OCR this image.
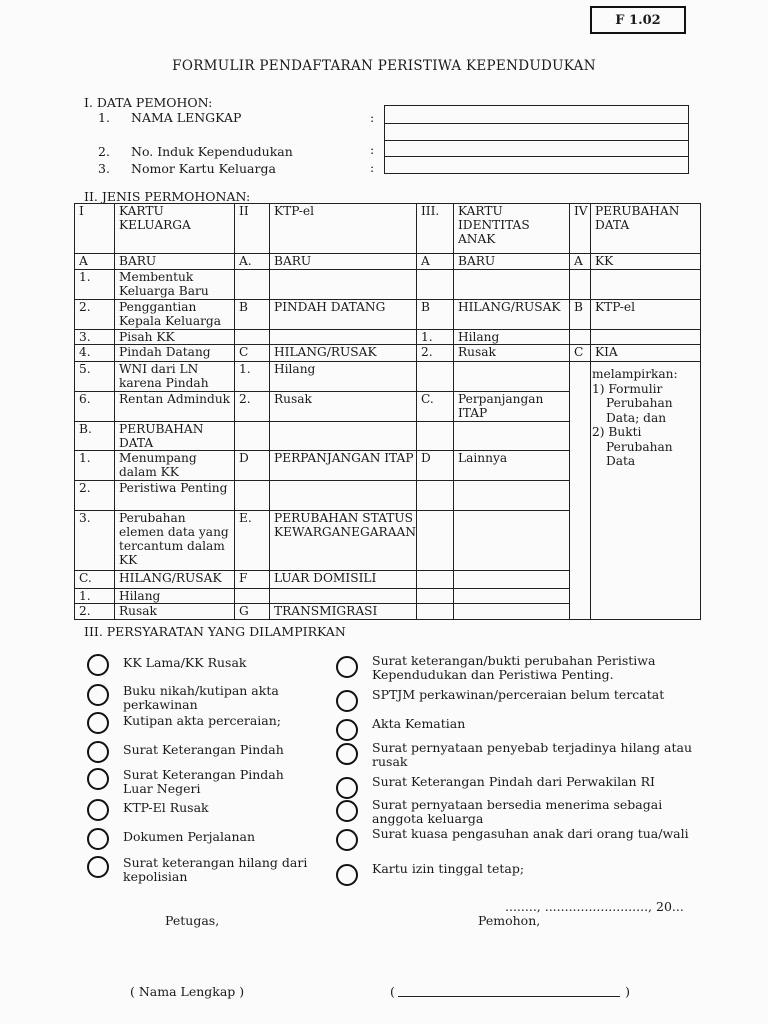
F 1.02
FORMULIR PENDAFTARAN PERISTIWA KEPENDUDUKAN
I. DATA PEMOHON:
1. NAMA LENGKAP	:
2. No. Induk Kependudukan	:
3. Nomor Kartu Keluarga	:
II. JENIS PERMOHONAN:
I	KARTU KELUARGA	II	KTP-el	III.	KARTU IDENTITAS ANAK	IV	PERUBAHAN DATA
A	BARU	A.	BARU	A	BARU	A	KK
1.	Membentuk Keluarga Baru						
2.	Penggantian Kepala Keluarga	B	PINDAH DATANG	B	HILANG/RUSAK	B	KTP-el
3.	Pisah KK			1.	Hilang		
4.	Pindah Datang	C	HILANG/RUSAK	2.	Rusak	C	KIA
5.	WNI dari LN karena Pindah	1.	Hilang				
6.	Rentan Adminduk	2.	Rusak	C.	Perpanjangan ITAP		
B.	PERUBAHAN DATA						
1.	Menumpang dalam KK	D	PERPANJANGAN ITAP	D	Lainnya		
2.	Peristiwa Penting						
3.	Perubahan elemen data yang tercantum dalam KK	E.	PERUBAHAN STATUS KEWARGANEGARAAN				
C.	HILANG/RUSAK	F	LUAR DOMISILI				
1.	Hilang						
2.	Rusak	G	TRANSMIGRASI				
melampirkan:
1) Formulir Perubahan Data; dan
2) Bukti Perubahan Data
III. PERSYARATAN YANG DILAMPIRKAN
KK Lama/KK Rusak
Buku nikah/kutipan akta perkawinan
Kutipan akta perceraian;
Surat Keterangan Pindah
Surat Keterangan Pindah Luar Negeri
KTP-El Rusak
Dokumen Perjalanan
Surat keterangan hilang dari kepolisian
Surat keterangan/bukti perubahan Peristiwa Kependudukan dan Peristiwa Penting.
SPTJM perkawinan/perceraian belum tercatat
Akta Kematian
Surat pernyataan penyebab terjadinya hilang atau rusak
Surat Keterangan Pindah dari Perwakilan RI
Surat pernyataan bersedia menerima sebagai anggota keluarga
Surat kuasa pengasuhan anak dari orang tua/wali
Kartu izin tinggal tetap;
........, .........................., 20...
Petugas,	Pemohon,
( Nama Lengkap )	(	)
